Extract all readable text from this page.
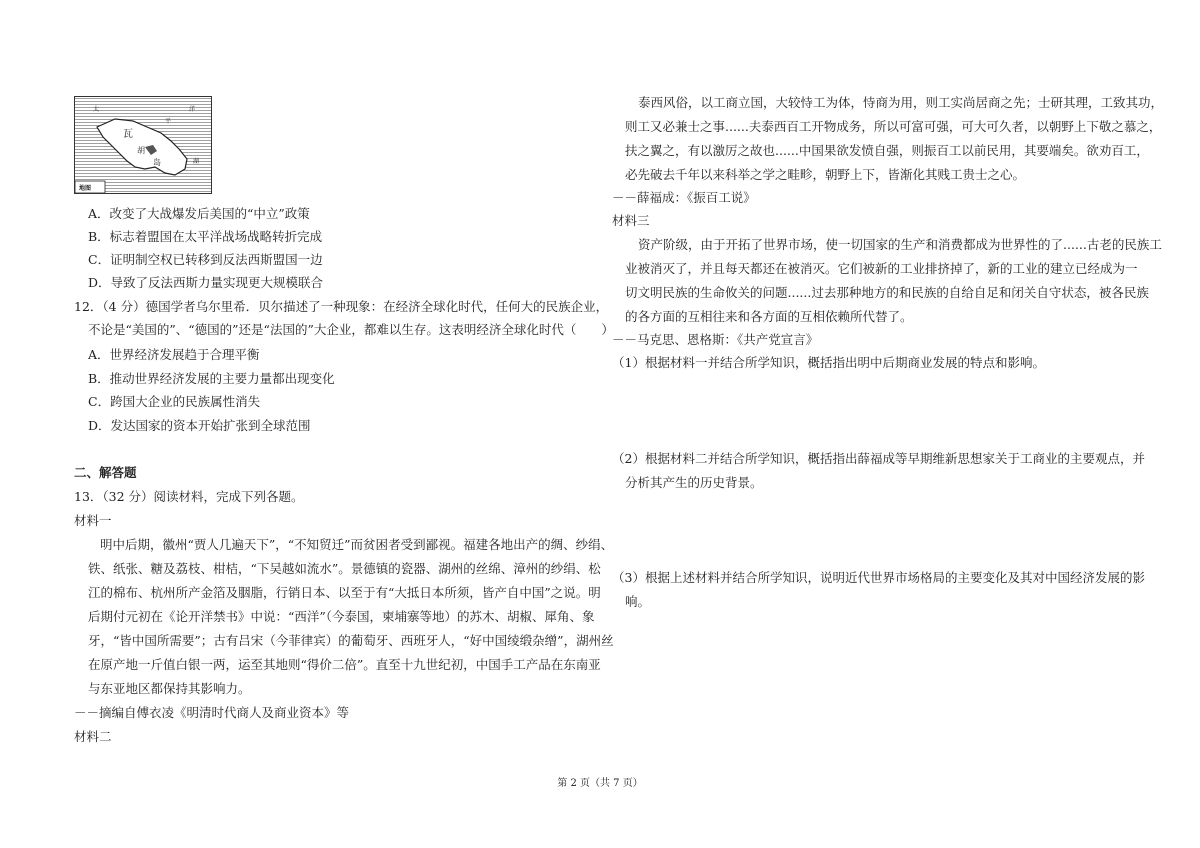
太
瓦
胡
岛
平
湖
洋
地图
A．改变了大战爆发后美国的“中立”政策
B．标志着盟国在太平洋战场战略转折完成
C．证明制空权已转移到反法西斯盟国一边
D．导致了反法西斯力量实现更大规模联合
12．（4 分）德国学者乌尔里希．贝尔描述了一种现象：在经济全球化时代，任何大的民族企业，
不论是“美国的”、“德国的”还是“法国的”大企业，都难以生存。这表明经济全球化时代（　　）
A．世界经济发展趋于合理平衡
B．推动世界经济发展的主要力量都出现变化
C．跨国大企业的民族属性消失
D．发达国家的资本开始扩张到全球范围
二、解答题
13．（32 分）阅读材料，完成下列各题。
材料一
明中后期，徽州“贾人几遍天下”，“不知贸迁”而贫困者受到鄙视。福建各地出产的绸、纱绢、
铁、纸张、糖及荔枝、柑桔，“下吴越如流水”。景德镇的瓷器、湖州的丝绵、漳州的纱绢、松
江的棉布、杭州所产金箔及胭脂，行销日本、以至于有“大抵日本所须，皆产自中国”之说。明
后期付元初在《论开洋禁书》中说：“西洋”（今泰国，柬埔寨等地）的苏木、胡椒、犀角、象
牙，“皆中国所需要”；古有吕宋（今菲律宾）的葡萄牙、西班牙人，“好中国绫缎杂缯”，湖州丝
在原产地一斤值白银一两，运至其地则“得价二倍”。直至十九世纪初，中国手工产品在东南亚
与东亚地区都保持其影响力。
－－摘编自傅衣凌《明清时代商人及商业资本》等
材料二
泰西风俗，以工商立国，大较恃工为体，恃商为用，则工实尚居商之先；士研其理，工致其功，
则工又必兼士之事......夫泰西百工开物成务，所以可富可强，可大可久者，以朝野上下敬之慕之，
扶之翼之，有以激厉之故也......中国果欲发愤自强，则振百工以前民用，其要端矣。欲劝百工，
必先破去千年以来科举之学之畦畛，朝野上下，皆渐化其贱工贵士之心。
－－薛福成：《振百工说》
材料三
资产阶级，由于开拓了世界市场，使一切国家的生产和消费都成为世界性的了......古老的民族工
业被消灭了，并且每天都还在被消灭。它们被新的工业排挤掉了，新的工业的建立已经成为一
切文明民族的生命攸关的问题......过去那种地方的和民族的自给自足和闭关自守状态，被各民族
的各方面的互相往来和各方面的互相依赖所代替了。
－－马克思、恩格斯：《共产党宣言》
（1）根据材料一并结合所学知识，概括指出明中后期商业发展的特点和影响。
（2）根据材料二并结合所学知识，概括指出薛福成等早期维新思想家关于工商业的主要观点，并
分析其产生的历史背景。
（3）根据上述材料并结合所学知识，说明近代世界市场格局的主要变化及其对中国经济发展的影
响。
第 2 页（共 7 页）
